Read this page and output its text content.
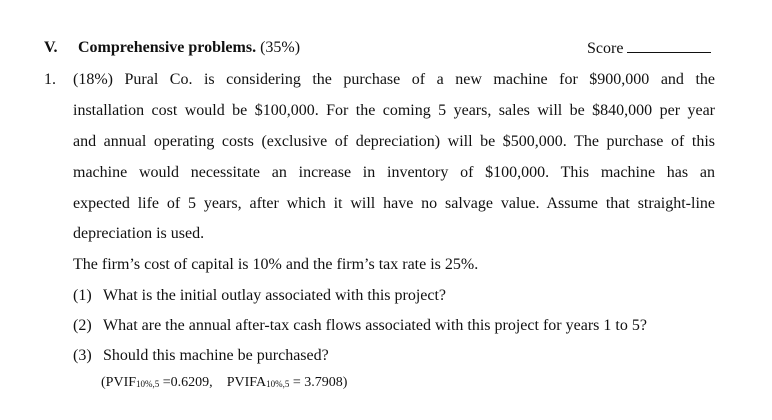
V. Comprehensive problems. (35%)	Score
1. (18%) Pural Co. is considering the purchase of a new machine for $900,000 and the
installation cost would be $100,000. For the coming 5 years, sales will be $840,000 per year
and annual operating costs (exclusive of depreciation) will be $500,000. The purchase of this
machine would necessitate an increase in inventory of $100,000. This machine has an
expected life of 5 years, after which it will have no salvage value. Assume that straight-line
depreciation is used.
The firm’s cost of capital is 10% and the firm’s tax rate is 25%.
(1) What is the initial outlay associated with this project?
(2) What are the annual after-tax cash flows associated with this project for years 1 to 5?
(3) Should this machine be purchased?
($PVIF_{10\%,5} =0.6209$, $PVIFA_{10\%,5} = 3.7908$)
